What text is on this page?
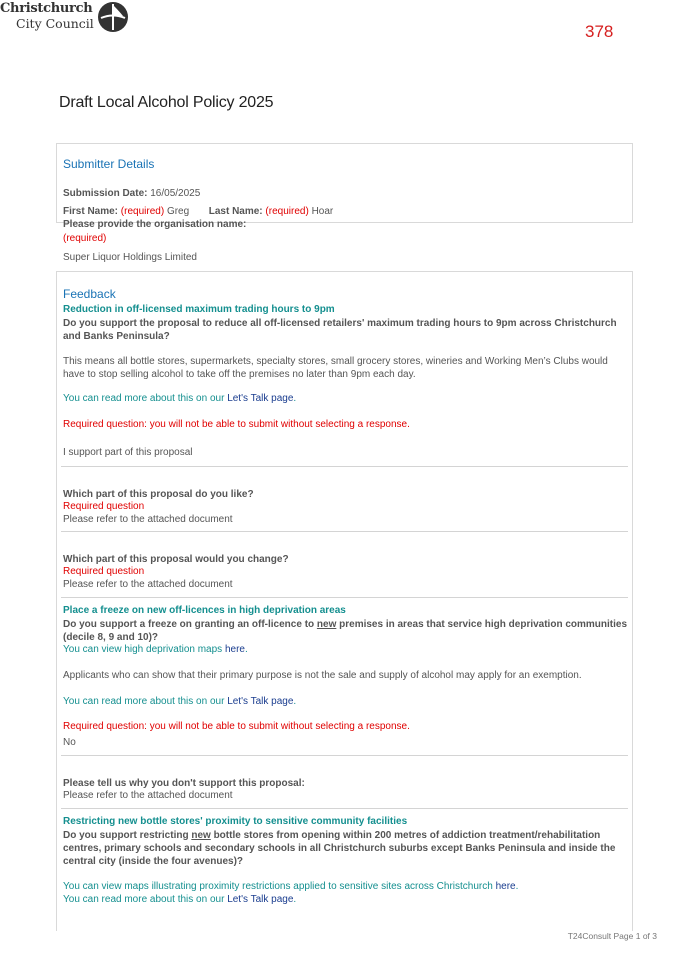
378
Draft Local Alcohol Policy 2025
Christchurch
City Council
Submitter Details
Submission Date: 16/05/2025
First Name: (required) Greg Last Name: (required) Hoar
Please provide the organisation name:
(required)
Super Liquor Holdings Limited
Feedback
Reduction in off-licensed maximum trading hours to 9pm
Do you support the proposal to reduce all off-licensed retailers' maximum trading hours to 9pm across Christchurch and Banks Peninsula?
This means all bottle stores, supermarkets, specialty stores, small grocery stores, wineries and Working Men’s Clubs would have to stop selling alcohol to take off the premises no later than 9pm each day.
You can read more about this on our Let's Talk page.
Required question: you will not be able to submit without selecting a response.
I support part of this proposal
Which part of this proposal do you like?
Required question
Please refer to the attached document
Which part of this proposal would you change?
Required question
Please refer to the attached document
Place a freeze on new off-licences in high deprivation areas
Do you support a freeze on granting an off-licence to new premises in areas that service high deprivation communities (decile 8, 9 and 10)?
You can view high deprivation maps here.
Applicants who can show that their primary purpose is not the sale and supply of alcohol may apply for an exemption.
You can read more about this on our Let's Talk page.
Required question: you will not be able to submit without selecting a response.
No
Please tell us why you don't support this proposal:
Please refer to the attached document
Restricting new bottle stores' proximity to sensitive community facilities
Do you support restricting new bottle stores from opening within 200 metres of addiction treatment/rehabilitation centres, primary schools and secondary schools in all Christchurch suburbs except Banks Peninsula and inside the central city (inside the four avenues)?
You can view maps illustrating proximity restrictions applied to sensitive sites across Christchurch here.
You can read more about this on our Let's Talk page.
T24Consult Page 1 of 3
